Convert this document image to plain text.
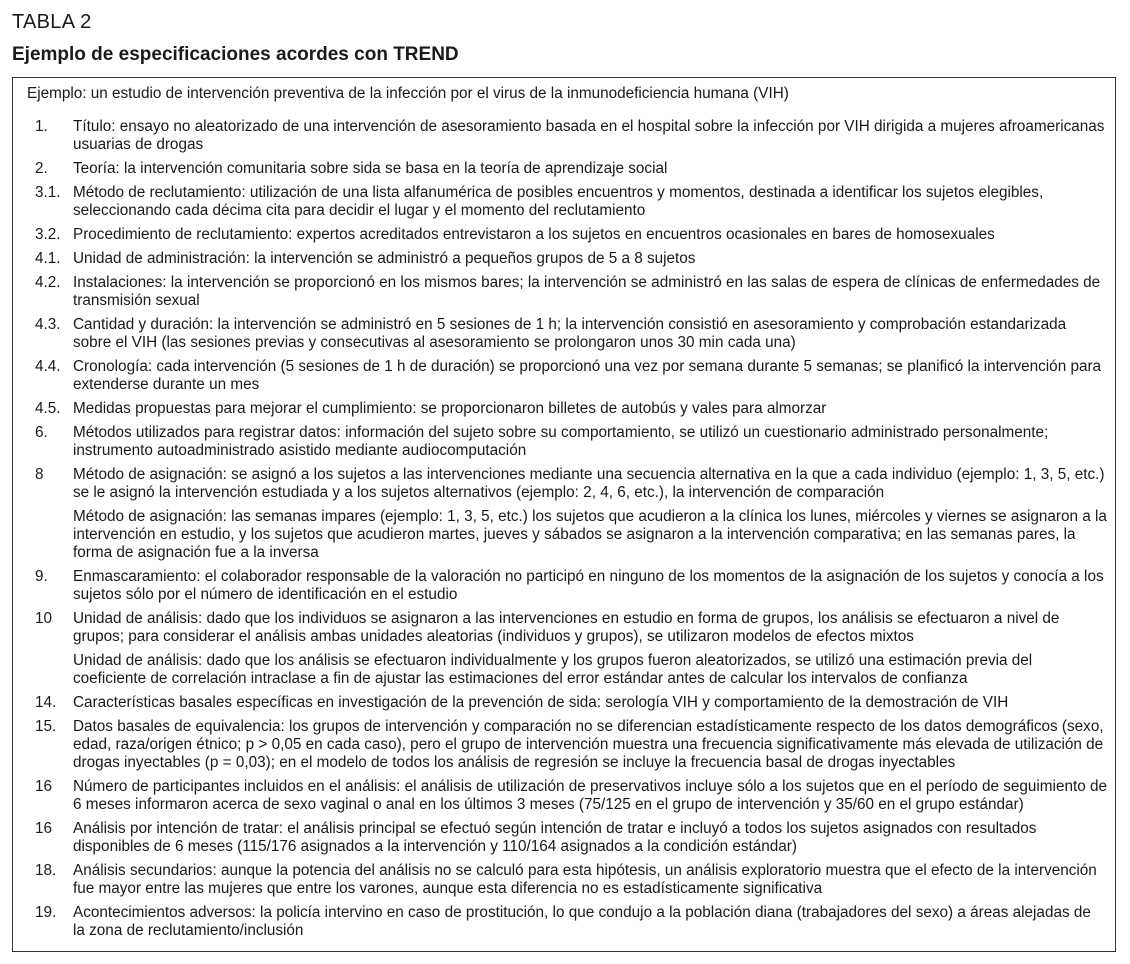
TABLA 2
Ejemplo de especificaciones acordes con TREND
Ejemplo: un estudio de intervención preventiva de la infección por el virus de la inmunodeficiencia humana (VIH)
1.	Título: ensayo no aleatorizado de una intervención de asesoramiento basada en el hospital sobre la infección por VIH dirigida a mujeres afroamericanas usuarias de drogas
2.	Teoría: la intervención comunitaria sobre sida se basa en la teoría de aprendizaje social
3.1. Método de reclutamiento: utilización de una lista alfanumérica de posibles encuentros y momentos, destinada a identificar los sujetos elegibles, seleccionando cada décima cita para decidir el lugar y el momento del reclutamiento
3.2. Procedimiento de reclutamiento: expertos acreditados entrevistaron a los sujetos en encuentros ocasionales en bares de homosexuales
4.1. Unidad de administración: la intervención se administró a pequeños grupos de 5 a 8 sujetos
4.2. Instalaciones: la intervención se proporcionó en los mismos bares; la intervención se administró en las salas de espera de clínicas de enfermedades de transmisión sexual
4.3. Cantidad y duración: la intervención se administró en 5 sesiones de 1 h; la intervención consistió en asesoramiento y comprobación estandarizada sobre el VIH (las sesiones previas y consecutivas al asesoramiento se prolongaron unos 30 min cada una)
4.4. Cronología: cada intervención (5 sesiones de 1 h de duración) se proporcionó una vez por semana durante 5 semanas; se planificó la intervención para extenderse durante un mes
4.5. Medidas propuestas para mejorar el cumplimiento: se proporcionaron billetes de autobús y vales para almorzar
6.	Métodos utilizados para registrar datos: información del sujeto sobre su comportamiento, se utilizó un cuestionario administrado personalmente; instrumento autoadministrado asistido mediante audiocomputación
8	Método de asignación: se asignó a los sujetos a las intervenciones mediante una secuencia alternativa en la que a cada individuo (ejemplo: 1, 3, 5, etc.) se le asignó la intervención estudiada y a los sujetos alternativos (ejemplo: 2, 4, 6, etc.), la intervención de comparación
Método de asignación: las semanas impares (ejemplo: 1, 3, 5, etc.) los sujetos que acudieron a la clínica los lunes, miércoles y viernes se asignaron a la intervención en estudio, y los sujetos que acudieron martes, jueves y sábados se asignaron a la intervención comparativa; en las semanas pares, la forma de asignación fue a la inversa
9.	Enmascaramiento: el colaborador responsable de la valoración no participó en ninguno de los momentos de la asignación de los sujetos y conocía a los sujetos sólo por el número de identificación en el estudio
10	Unidad de análisis: dado que los individuos se asignaron a las intervenciones en estudio en forma de grupos, los análisis se efectuaron a nivel de grupos; para considerar el análisis ambas unidades aleatorias (individuos y grupos), se utilizaron modelos de efectos mixtos
Unidad de análisis: dado que los análisis se efectuaron individualmente y los grupos fueron aleatorizados, se utilizó una estimación previa del coeficiente de correlación intraclase a fin de ajustar las estimaciones del error estándar antes de calcular los intervalos de confianza
14.	Características basales específicas en investigación de la prevención de sida: serología VIH y comportamiento de la demostración de VIH
15.	Datos basales de equivalencia: los grupos de intervención y comparación no se diferencian estadísticamente respecto de los datos demográficos (sexo, edad, raza/origen étnico; p > 0,05 en cada caso), pero el grupo de intervención muestra una frecuencia significativamente más elevada de utilización de drogas inyectables (p = 0,03); en el modelo de todos los análisis de regresión se incluye la frecuencia basal de drogas inyectables
16	Número de participantes incluidos en el análisis: el análisis de utilización de preservativos incluye sólo a los sujetos que en el período de seguimiento de 6 meses informaron acerca de sexo vaginal o anal en los últimos 3 meses (75/125 en el grupo de intervención y 35/60 en el grupo estándar)
16	Análisis por intención de tratar: el análisis principal se efectuó según intención de tratar e incluyó a todos los sujetos asignados con resultados disponibles de 6 meses (115/176 asignados a la intervención y 110/164 asignados a la condición estándar)
18.	Análisis secundarios: aunque la potencia del análisis no se calculó para esta hipótesis, un análisis exploratorio muestra que el efecto de la intervención fue mayor entre las mujeres que entre los varones, aunque esta diferencia no es estadísticamente significativa
19.	Acontecimientos adversos: la policía intervino en caso de prostitución, lo que condujo a la población diana (trabajadores del sexo) a áreas alejadas de la zona de reclutamiento/inclusión
